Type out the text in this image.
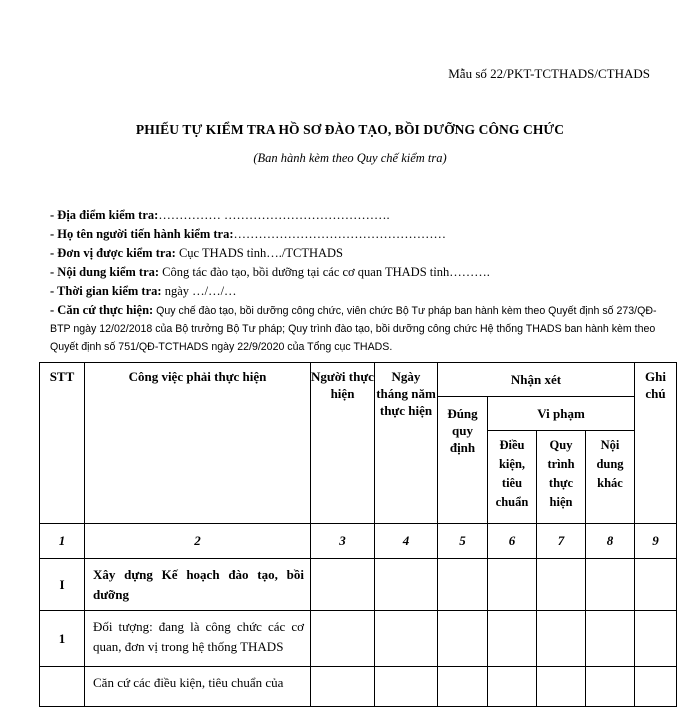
Mẫu số 22/PKT-TCTHADS/CTHADS
PHIẾU TỰ KIỂM TRA HỒ SƠ ĐÀO TẠO, BỒI DƯỠNG CÔNG CHỨC
(Ban hành kèm theo Quy chế kiểm tra)

- Địa điểm kiểm tra:…………… ………………………………….

- Họ tên người tiến hành kiểm tra:……………………………………………

- Đơn vị được kiểm tra: Cục THADS tỉnh…./TCTHADS

- Nội dung kiểm tra: Công tác đào tạo, bồi dưỡng tại các cơ quan THADS tỉnh……….

- Thời gian kiểm tra: ngày …/…/…

- Căn cứ thực hiện: Quy chế đào tạo, bồi dưỡng công chức, viên chức Bộ Tư pháp ban hành kèm theo Quyết định số 273/QĐ-BTP ngày 12/02/2018 của Bộ trưởng Bộ Tư pháp; Quy trình đào tạo, bồi dưỡng công chức Hệ thống THADS ban hành kèm theo Quyết định số 751/QĐ-TCTHADS ngày 22/9/2020 của Tổng cục THADS.

STT	Công việc phải thực hiện	Người thực hiện	Ngày tháng năm thực hiện	Nhận xét				Ghi chú
				Đúng quy định	Vi phạm			
					Điều kiện, tiêu chuẩn	Quy trình thực hiện	Nội dung khác	
1	2	3	4	5	6	7	8	9
I	Xây dựng Kế hoạch đào tạo, bồi dưỡng							
1	Đối tượng: đang là công chức các cơ quan, đơn vị trong hệ thống THADS							
	Căn cứ các điều kiện, tiêu chuẩn của							
